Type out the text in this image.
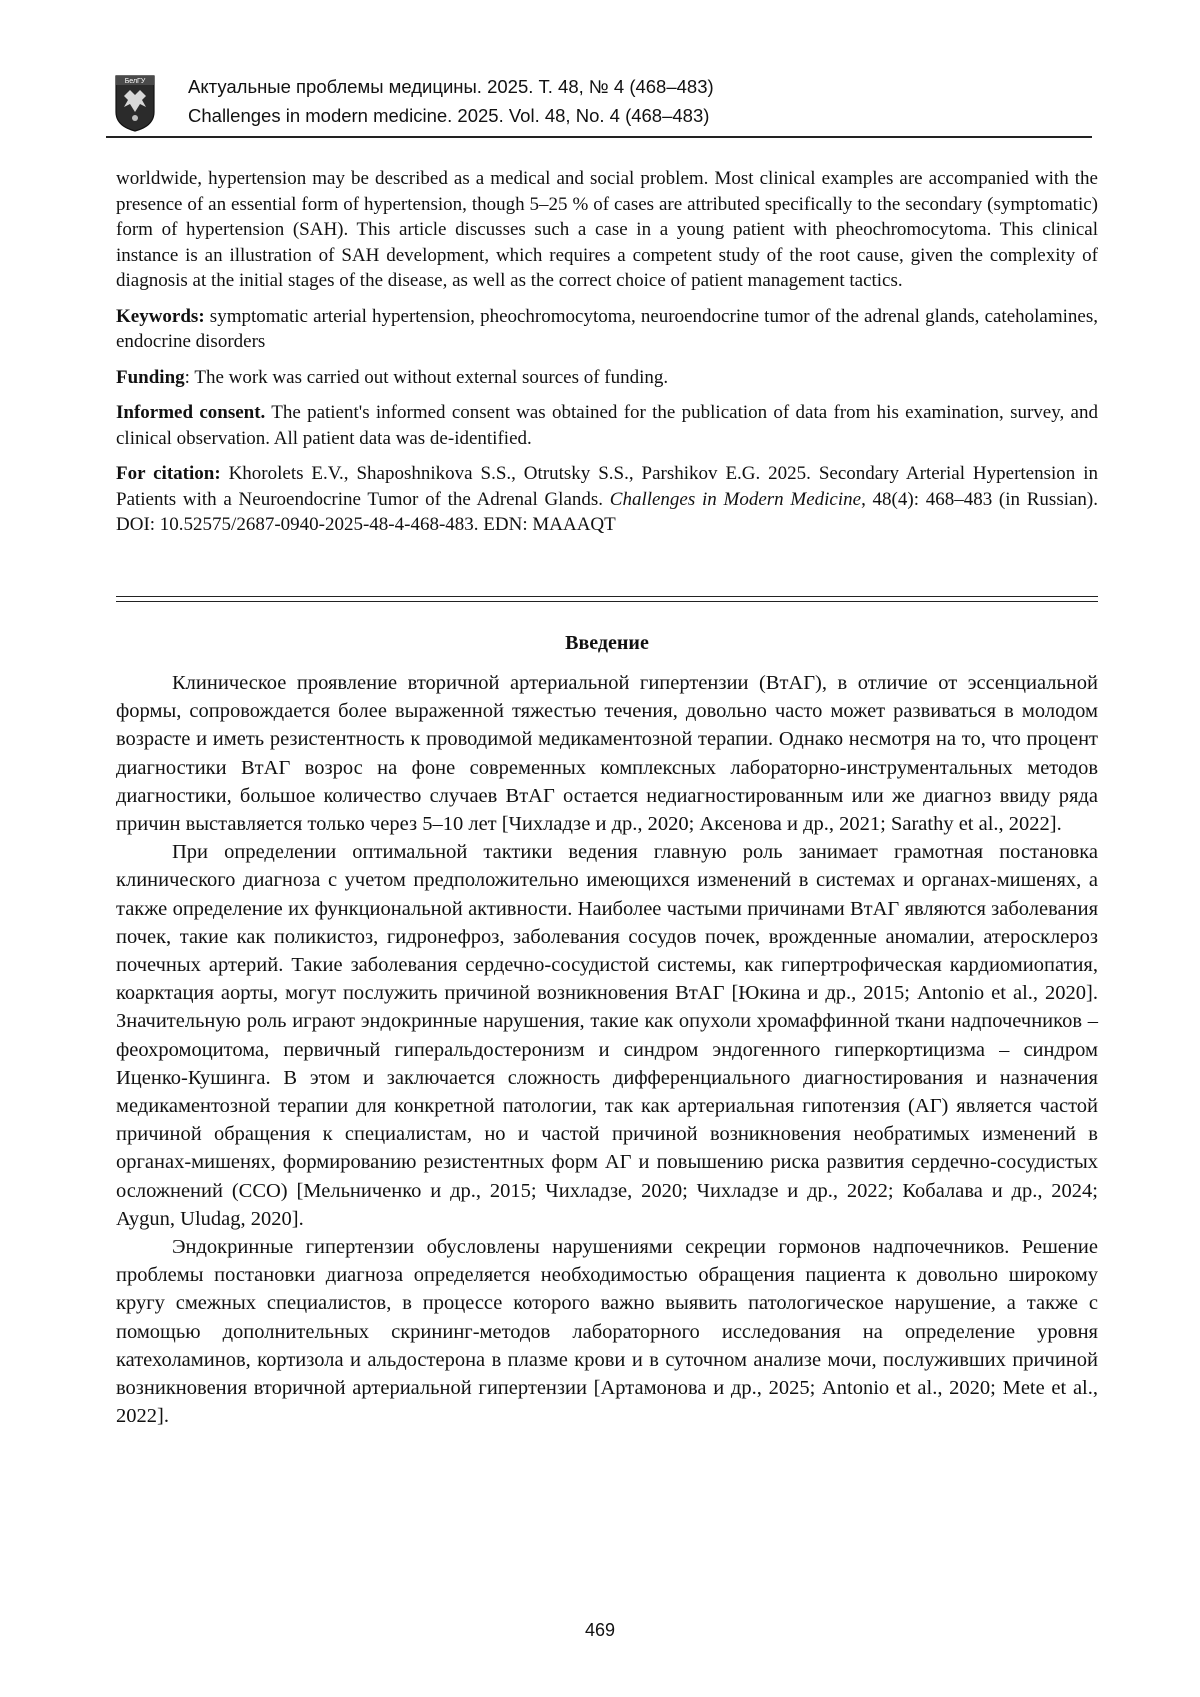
БелГУ Актуальные проблемы медицины. 2025. Т. 48, № 4 (468–483)
Challenges in modern medicine. 2025. Vol. 48, No. 4 (468–483)

worldwide, hypertension may be described as a medical and social problem. Most clinical examples are accompanied with the presence of an essential form of hypertension, though 5–25 % of cases are attributed specifically to the secondary (symptomatic) form of hypertension (SAH). This article discusses such a case in a young patient with pheochromocytoma. This clinical instance is an illustration of SAH development, which requires a competent study of the root cause, given the complexity of diagnosis at the initial stages of the disease, as well as the correct choice of patient management tactics.

Keywords: symptomatic arterial hypertension, pheochromocytoma, neuroendocrine tumor of the adrenal glands, cateholamines, endocrine disorders

Funding: The work was carried out without external sources of funding.

Informed consent. The patient's informed consent was obtained for the publication of data from his examination, survey, and clinical observation. All patient data was de-identified.

For citation: Khorolets E.V., Shaposhnikova S.S., Otrutsky S.S., Parshikov E.G. 2025. Secondary Arterial Hypertension in Patients with a Neuroendocrine Tumor of the Adrenal Glands. Challenges in Modern Medicine, 48(4): 468–483 (in Russian). DOI: 10.52575/2687-0940-2025-48-4-468-483. EDN: MAAAQT

Введение

Клиническое проявление вторичной артериальной гипертензии (ВтАГ), в отличие от эссенциальной формы, сопровождается более выраженной тяжестью течения, довольно часто может развиваться в молодом возрасте и иметь резистентность к проводимой медикаментозной терапии. Однако несмотря на то, что процент диагностики ВтАГ возрос на фоне современных комплексных лабораторно-инструментальных методов диагностики, большое количество случаев ВтАГ остается недиагностированным или же диагноз ввиду ряда причин выставляется только через 5–10 лет [Чихладзе и др., 2020; Аксенова и др., 2021; Sarathy et al., 2022].

При определении оптимальной тактики ведения главную роль занимает грамотная постановка клинического диагноза с учетом предположительно имеющихся изменений в системах и органах-мишенях, а также определение их функциональной активности. Наиболее частыми причинами ВтАГ являются заболевания почек, такие как поликистоз, гидронефроз, заболевания сосудов почек, врожденные аномалии, атеросклероз почечных артерий. Такие заболевания сердечно-сосудистой системы, как гипертрофическая кардиомиопатия, коарктация аорты, могут послужить причиной возникновения ВтАГ [Юкина и др., 2015; Antonio et al., 2020]. Значительную роль играют эндокринные нарушения, такие как опухоли хромаффинной ткани надпочечников – феохромоцитома, первичный гиперальдостеронизм и синдром эндогенного гиперкортицизма – синдром Иценко-Кушинга. В этом и заключается сложность дифференциального диагностирования и назначения медикаментозной терапии для конкретной патологии, так как артериальная гипотензия (АГ) является частой причиной обращения к специалистам, но и частой причиной возникновения необратимых изменений в органах-мишенях, формированию резистентных форм АГ и повышению риска развития сердечно-сосудистых осложнений (ССО) [Мельниченко и др., 2015; Чихладзе, 2020; Чихладзе и др., 2022; Кобалава и др., 2024; Aygun, Uludag, 2020].

Эндокринные гипертензии обусловлены нарушениями секреции гормонов надпочечников. Решение проблемы постановки диагноза определяется необходимостью обращения пациента к довольно широкому кругу смежных специалистов, в процессе которого важно выявить патологическое нарушение, а также с помощью дополнительных скрининг-методов лабораторного исследования на определение уровня катехоламинов, кортизола и альдостерона в плазме крови и в суточном анализе мочи, послуживших причиной возникновения вторичной артериальной гипертензии [Артамонова и др., 2025; Antonio et al., 2020; Mete et al., 2022].

469
